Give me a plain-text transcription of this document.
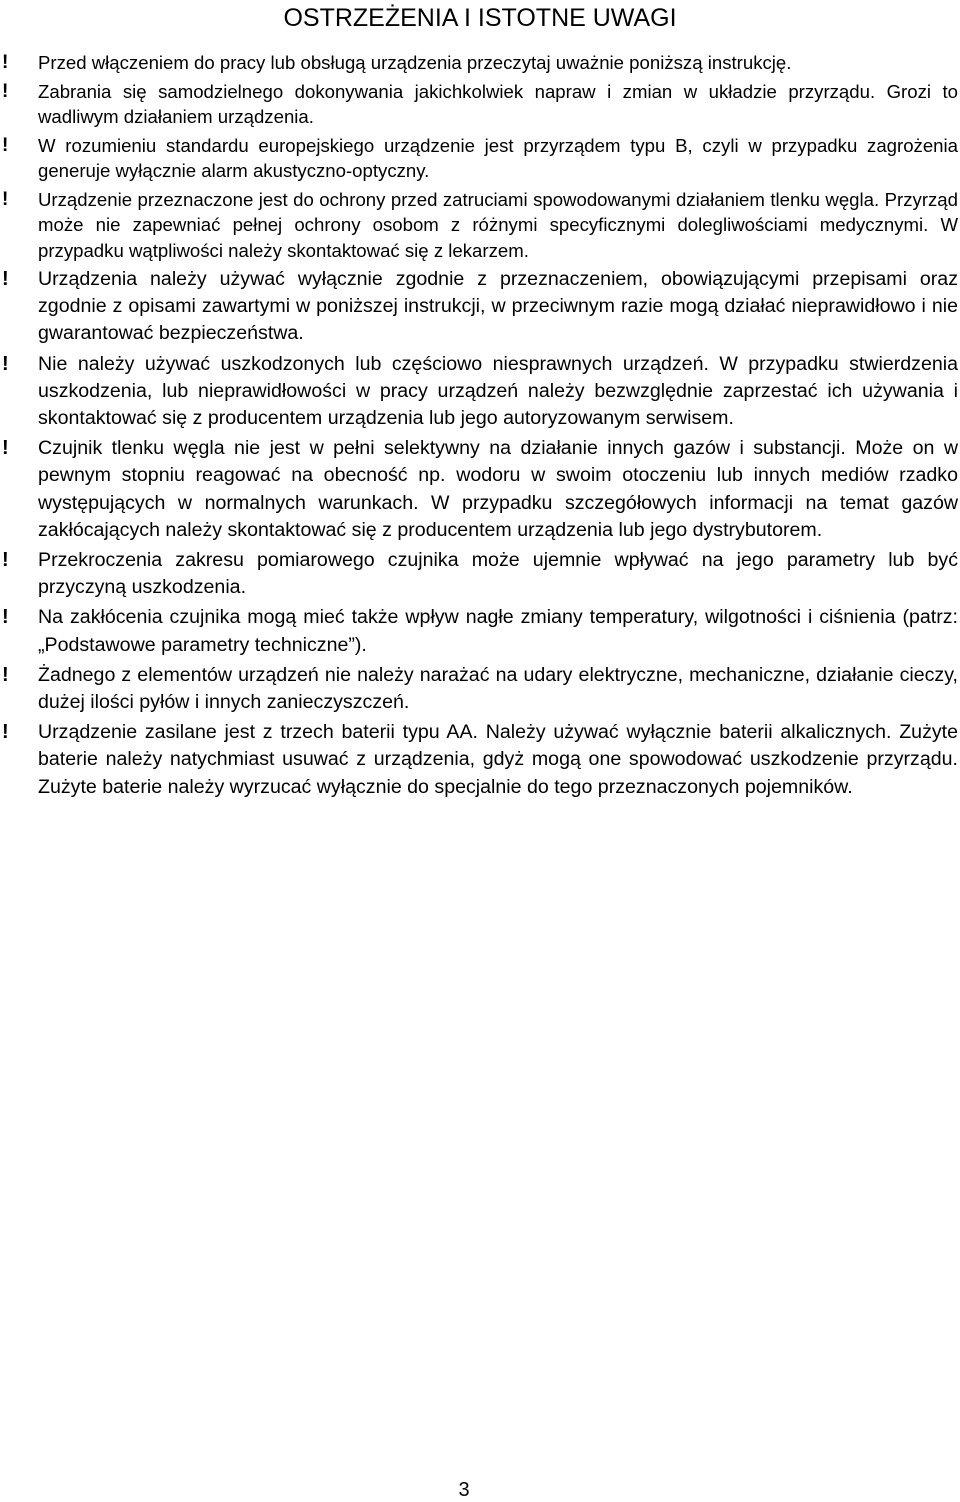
OSTRZEŻENIA I ISTOTNE UWAGI
! Przed włączeniem do pracy lub obsługą urządzenia przeczytaj uważnie poniższą instrukcję.
! Zabrania się samodzielnego dokonywania jakichkolwiek napraw i zmian w układzie przyrządu. Grozi to wadliwym działaniem urządzenia.
! W rozumieniu standardu europejskiego urządzenie jest przyrządem typu B, czyli w przypadku zagrożenia generuje wyłącznie alarm akustyczno-optyczny.
! Urządzenie przeznaczone jest do ochrony przed zatruciami spowodowanymi działaniem tlenku węgla. Przyrząd może nie zapewniać pełnej ochrony osobom z różnymi specyficznymi dolegliwościami medycznymi. W przypadku wątpliwości należy skontaktować się z lekarzem.
! Urządzenia należy używać wyłącznie zgodnie z przeznaczeniem, obowiązującymi przepisami oraz zgodnie z opisami zawartymi w poniższej instrukcji, w przeciwnym razie mogą działać nieprawidłowo i nie gwarantować bezpieczeństwa.
! Nie należy używać uszkodzonych lub częściowo niesprawnych urządzeń. W przypadku stwierdzenia uszkodzenia, lub nieprawidłowości w pracy urządzeń należy bezwzględnie zaprzestać ich używania i skontaktować się z producentem urządzenia lub jego autoryzowanym serwisem.
! Czujnik tlenku węgla nie jest w pełni selektywny na działanie innych gazów i substancji. Może on w pewnym stopniu reagować na obecność np. wodoru w swoim otoczeniu lub innych mediów rzadko występujących w normalnych warunkach. W przypadku szczegółowych informacji na temat gazów zakłócających należy skontaktować się z producentem urządzenia lub jego dystrybutorem.
! Przekroczenia zakresu pomiarowego czujnika może ujemnie wpływać na jego parametry lub być przyczyną uszkodzenia.
! Na zakłócenia czujnika mogą mieć także wpływ nagłe zmiany temperatury, wilgotności i ciśnienia (patrz: „Podstawowe parametry techniczne”).
! Żadnego z elementów urządzeń nie należy narażać na udary elektryczne, mechaniczne, działanie cieczy, dużej ilości pyłów i innych zanieczyszczeń.
! Urządzenie zasilane jest z trzech baterii typu AA. Należy używać wyłącznie baterii alkalicznych. Zużyte baterie należy natychmiast usuwać z urządzenia, gdyż mogą one spowodować uszkodzenie przyrządu. Zużyte baterie należy wyrzucać wyłącznie do specjalnie do tego przeznaczonych pojemników.
3
